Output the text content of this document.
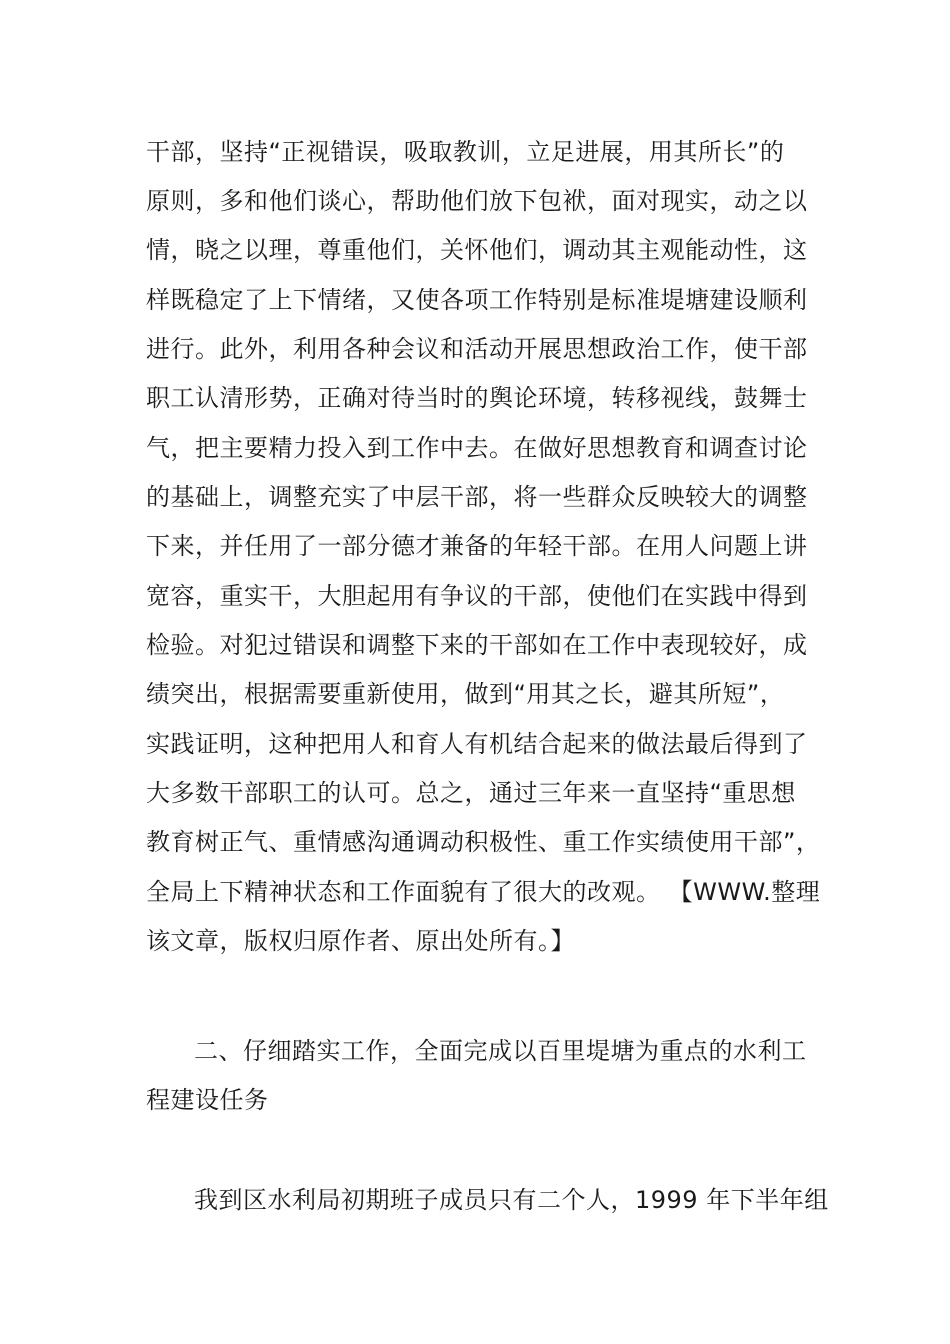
干部，坚持“正视错误，吸取教训，立足进展，用其所长”的
原则，多和他们谈心，帮助他们放下包袱，面对现实，动之以
情，晓之以理，尊重他们，关怀他们，调动其主观能动性，这
样既稳定了上下情绪，又使各项工作特别是标准堤塘建设顺利
进行。此外，利用各种会议和活动开展思想政治工作，使干部
职工认清形势，正确对待当时的舆论环境，转移视线，鼓舞士
气，把主要精力投入到工作中去。在做好思想教育和调查讨论
的基础上，调整充实了中层干部，将一些群众反映较大的调整
下来，并任用了一部分德才兼备的年轻干部。在用人问题上讲
宽容，重实干，大胆起用有争议的干部，使他们在实践中得到
检验。对犯过错误和调整下来的干部如在工作中表现较好，成
绩突出，根据需要重新使用，做到“用其之长，避其所短”，
实践证明，这种把用人和育人有机结合起来的做法最后得到了
大多数干部职工的认可。总之，通过三年来一直坚持“重思想
教育树正气、重情感沟通调动积极性、重工作实绩使用干部”，
全局上下精神状态和工作面貌有了很大的改观。 【WWW.整理
该文章，版权归原作者、原出处所有。】
二、仔细踏实工作，全面完成以百里堤塘为重点的水利工
程建设任务
我到区水利局初期班子成员只有二个人，1999 年下半年组
